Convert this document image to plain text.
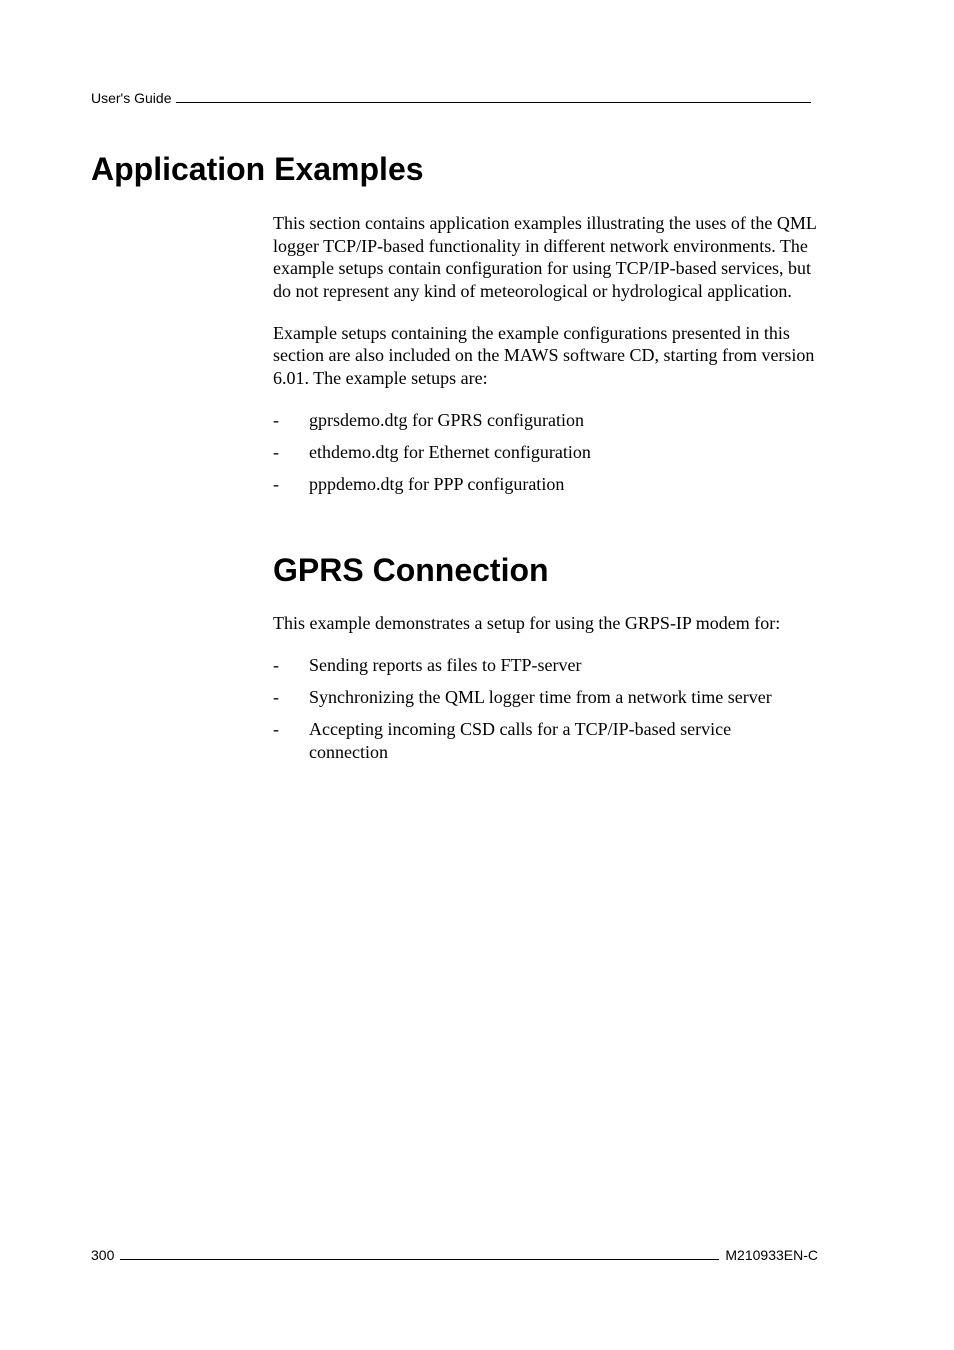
User's Guide
Application Examples

This section contains application examples illustrating the uses of the QML logger TCP/IP-based functionality in different network environments. The example setups contain configuration for using TCP/IP-based services, but do not represent any kind of meteorological or hydrological application.

Example setups containing the example configurations presented in this section are also included on the MAWS software CD, starting from version 6.01. The example setups are:

- gprsdemo.dtg for GPRS configuration
- ethdemo.dtg for Ethernet configuration
- pppdemo.dtg for PPP configuration
GPRS Connection

This example demonstrates a setup for using the GRPS-IP modem for:

- Sending reports as files to FTP-server
- Synchronizing the QML logger time from a network time server
- Accepting incoming CSD calls for a TCP/IP-based service connection
300	M210933EN-C
